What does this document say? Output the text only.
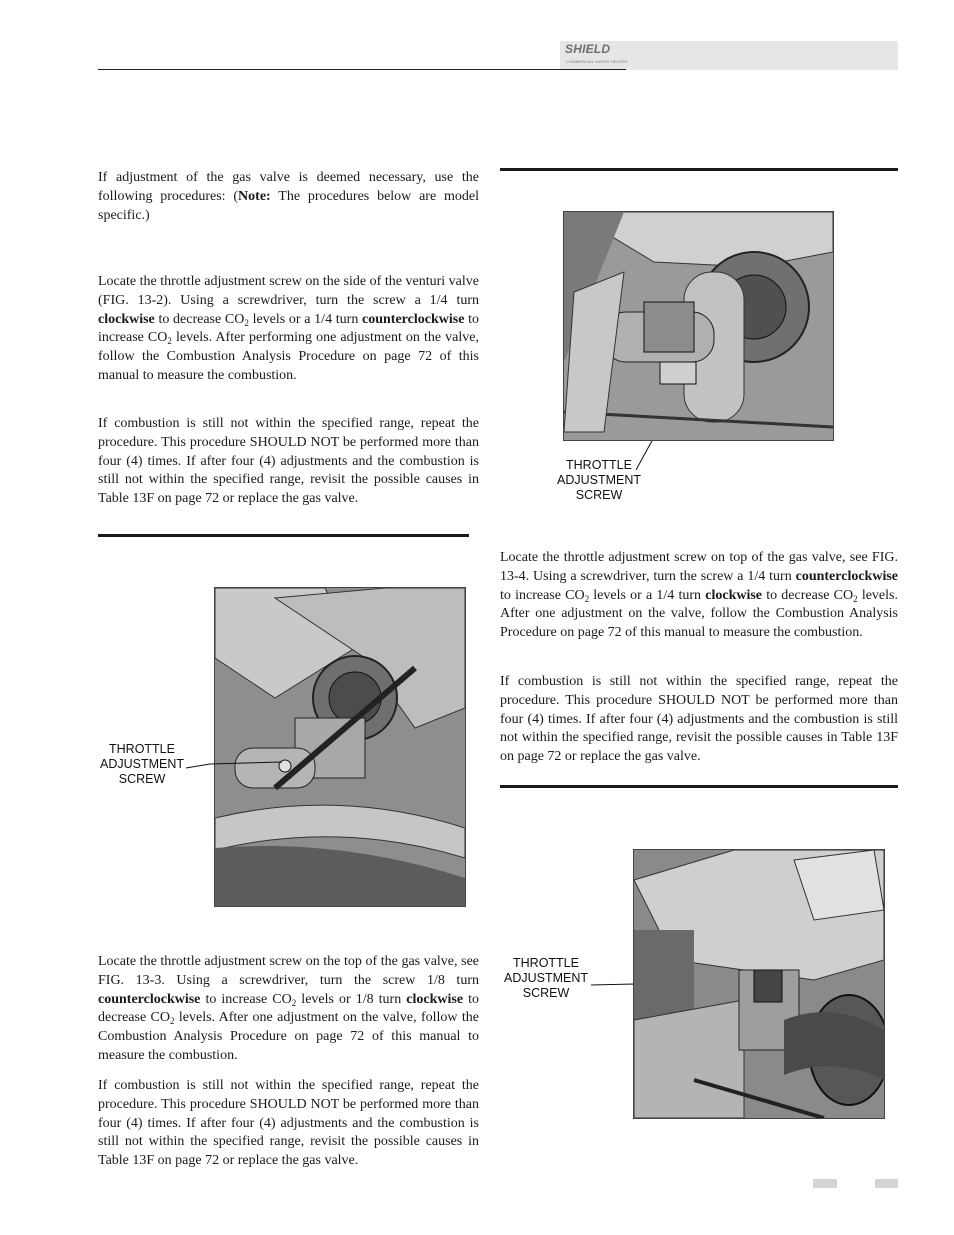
SHIELD
COMMERCIAL WATER HEATER

If adjustment of the gas valve is deemed necessary, use the following procedures: (Note: The procedures below are model specific.)

Locate the throttle adjustment screw on the side of the venturi valve (FIG. 13-2). Using a screwdriver, turn the screw a 1/4 turn clockwise to decrease $CO_2$ levels or a 1/4 turn counterclockwise to increase $CO_2$ levels. After performing one adjustment on the valve, follow the Combustion Analysis Procedure on page 72 of this manual to measure the combustion.

If combustion is still not within the specified range, repeat the procedure. This procedure SHOULD NOT be performed more than four (4) times. If after four (4) adjustments and the combustion is still not within the specified range, revisit the possible causes in Table 13F on page 72 or replace the gas valve.

THROTTLE
ADJUSTMENT
SCREW

Locate the throttle adjustment screw on the top of the gas valve, see FIG. 13-3. Using a screwdriver, turn the screw 1/8 turn counterclockwise to increase $CO_2$ levels or 1/8 turn clockwise to decrease $CO_2$ levels. After one adjustment on the valve, follow the Combustion Analysis Procedure on page 72 of this manual to measure the combustion.

If combustion is still not within the specified range, repeat the procedure. This procedure SHOULD NOT be performed more than four (4) times. If after four (4) adjustments and the combustion is still not within the specified range, revisit the possible causes in Table 13F on page 72 or replace the gas valve.

THROTTLE
ADJUSTMENT
SCREW

Locate the throttle adjustment screw on top of the gas valve, see FIG. 13-4. Using a screwdriver, turn the screw a 1/4 turn counterclockwise to increase $CO_2$ levels or a 1/4 turn clockwise to decrease $CO_2$ levels. After one adjustment on the valve, follow the Combustion Analysis Procedure on page 72 of this manual to measure the combustion.

If combustion is still not within the specified range, repeat the procedure. This procedure SHOULD NOT be performed more than four (4) times. If after four (4) adjustments and the combustion is still not within the specified range, revisit the possible causes in Table 13F on page 72 or replace the gas valve.

THROTTLE
ADJUSTMENT
SCREW
